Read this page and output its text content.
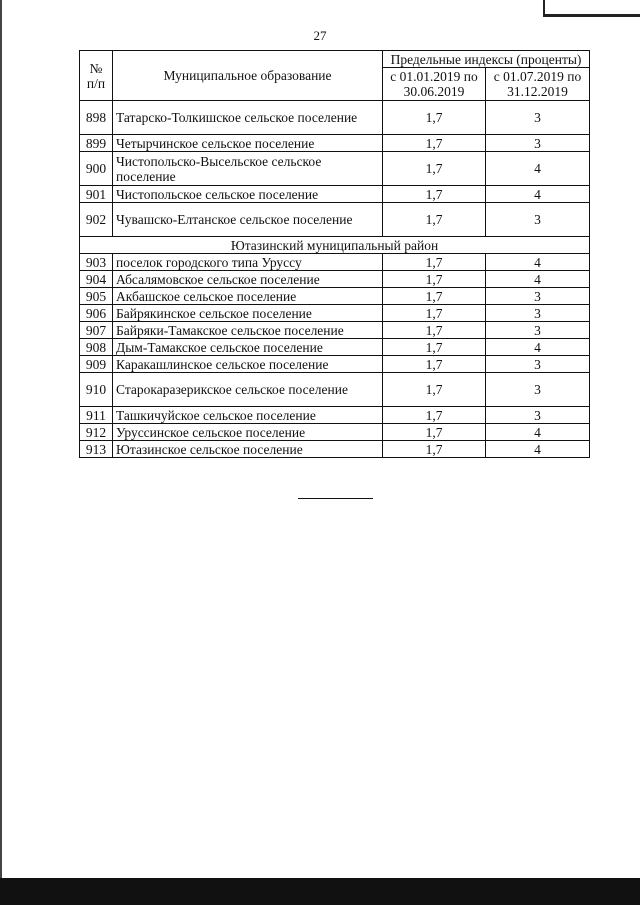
27
№ п/п	Муниципальное образование	Предельные индексы (проценты)	
		с 01.01.2019 по 30.06.2019	с 01.07.2019 по 31.12.2019
898	Татарско-Толкишское сельское поселение	1,7	3
899	Четырчинское сельское поселение	1,7	3
900	Чистопольско-Высельское сельское поселение	1,7	4
901	Чистопольское сельское поселение	1,7	4
902	Чувашско-Елтанское сельское поселение	1,7	3
Ютазинский муниципальный район			
903	поселок городского типа Уруссу	1,7	4
904	Абсалямовское сельское поселение	1,7	4
905	Акбашское сельское поселение	1,7	3
906	Байрякинское сельское поселение	1,7	3
907	Байряки-Тамакское сельское поселение	1,7	3
908	Дым-Тамакское сельское поселение	1,7	4
909	Каракашлинское сельское поселение	1,7	3
910	Старокаразерикское сельское поселение	1,7	3
911	Ташкичуйское сельское поселение	1,7	3
912	Уруссинское сельское поселение	1,7	4
913	Ютазинское сельское поселение	1,7	4
